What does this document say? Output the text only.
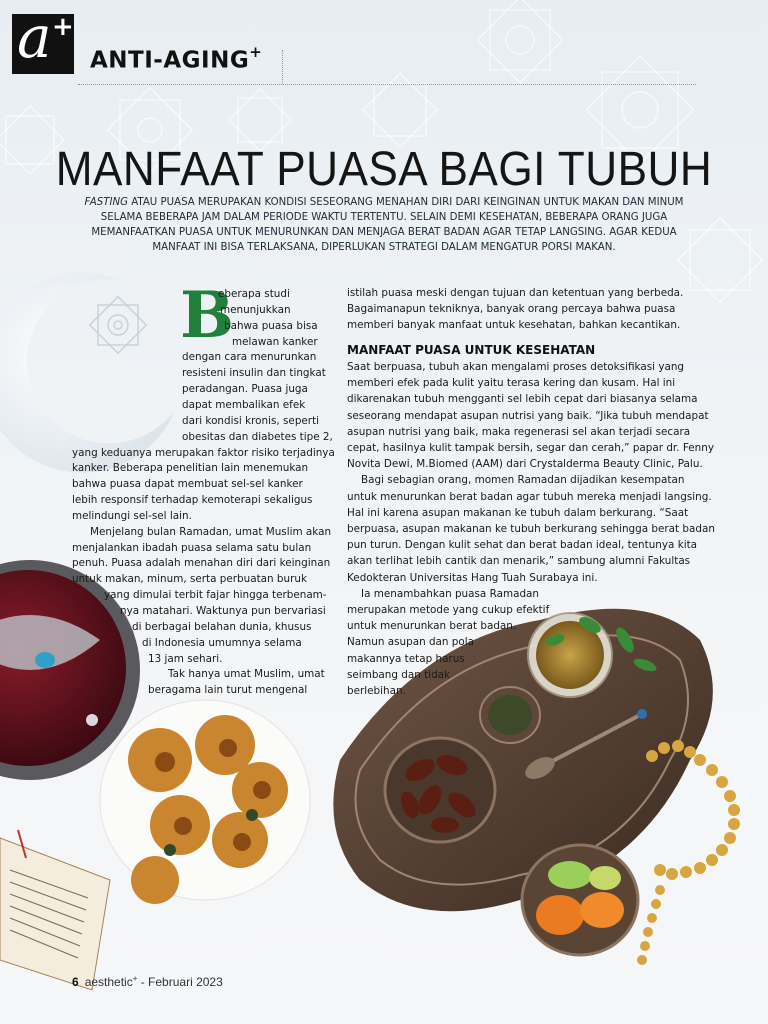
a +
ANTI-AGING+
MANFAAT PUASA BAGI TUBUH
FASTING ATAU PUASA MERUPAKAN KONDISI SESEORANG MENAHAN DIRI DARI KEINGINAN UNTUK MAKAN DAN MINUM SELAMA BEBERAPA JAM DALAM PERIODE WAKTU TERTENTU. SELAIN DEMI KESEHATAN, BEBERAPA ORANG JUGA MEMANFAATKAN PUASA UNTUK MENURUNKAN DAN MENJAGA BERAT BADAN AGAR TETAP LANGSING. AGAR KEDUA MANFAAT INI BISA TERLAKSANA, DIPERLUKAN STRATEGI DALAM MENGATUR PORSI MAKAN.
B
eberapa studi
menunjukkan
bahwa puasa bisa
melawan kanker
dengan cara menurunkan
resisteni insulin dan tingkat
peradangan. Puasa juga
dapat membalikan efek
dari kondisi kronis, seperti
obesitas dan diabetes tipe 2,
yang keduanya merupakan faktor risiko terjadinya
kanker. Beberapa penelitian lain menemukan
bahwa puasa dapat membuat sel-sel kanker
lebih responsif terhadap kemoterapi sekaligus
melindungi sel-sel lain.
Menjelang bulan Ramadan, umat Muslim akan
menjalankan ibadah puasa selama satu bulan
penuh. Puasa adalah menahan diri dari keinginan
untuk makan, minum, serta perbuatan buruk
yang dimulai terbit fajar hingga terbenam-
nya matahari. Waktunya pun bervariasi
di berbagai belahan dunia, khusus
di Indonesia umumnya selama
13 jam sehari.
Tak hanya umat Muslim, umat
beragama lain turut mengenal
istilah puasa meski dengan tujuan dan ketentuan yang berbeda.
Bagaimanapun tekniknya, banyak orang percaya bahwa puasa
memberi banyak manfaat untuk kesehatan, bahkan kecantikan.
MANFAAT PUASA UNTUK KESEHATAN
Saat berpuasa, tubuh akan mengalami proses detoksifikasi yang
memberi efek pada kulit yaitu terasa kering dan kusam. Hal ini
dikarenakan tubuh mengganti sel lebih cepat dari biasanya selama
seseorang mendapat asupan nutrisi yang baik. “Jika tubuh mendapat
asupan nutrisi yang baik, maka regenerasi sel akan terjadi secara
cepat, hasilnya kulit tampak bersih, segar dan cerah,” papar dr. Fenny
Novita Dewi, M.Biomed (AAM) dari Crystalderma Beauty Clinic, Palu.
Bagi sebagian orang, momen Ramadan dijadikan kesempatan
untuk menurunkan berat badan agar tubuh mereka menjadi langsing.
Hal ini karena asupan makanan ke tubuh dalam berkurang. “Saat
berpuasa, asupan makanan ke tubuh berkurang sehingga berat badan
pun turun. Dengan kulit sehat dan berat badan ideal, tentunya kita
akan terlihat lebih cantik dan menarik,” sambung alumni Fakultas
Kedokteran Universitas Hang Tuah Surabaya ini.
Ia menambahkan puasa Ramadan
merupakan metode yang cukup efektif
untuk menurunkan berat badan.
Namun asupan dan pola
makannya tetap harus
seimbang dan tidak
berlebihan.
6 aesthetic+ - Februari 2023
